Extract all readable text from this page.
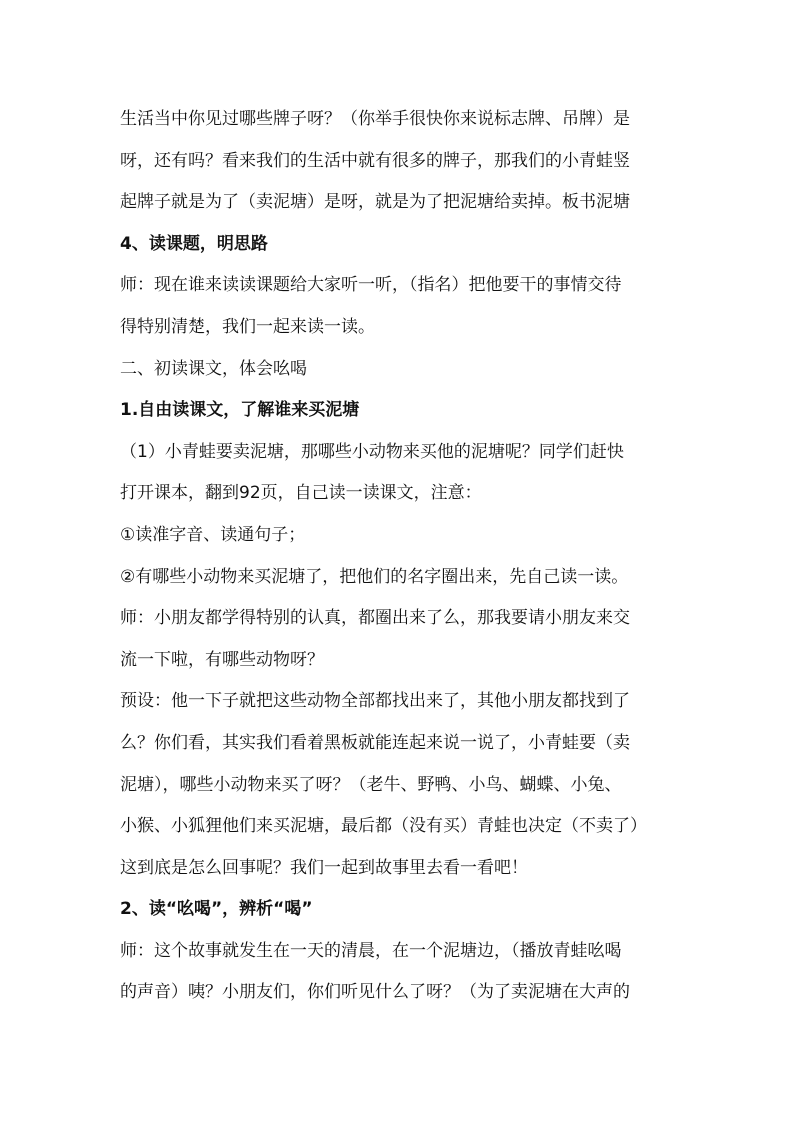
生活当中你见过哪些牌子呀？（你举手很快你来说标志牌、吊牌）是
呀，还有吗？看来我们的生活中就有很多的牌子，那我们的小青蛙竖
起牌子就是为了（卖泥塘）是呀，就是为了把泥塘给卖掉。板书泥塘
4、读课题，明思路
师：现在谁来读读课题给大家听一听，（指名）把他要干的事情交待
得特别清楚，我们一起来读一读。
二、初读课文，体会吆喝
1.自由读课文，了解谁来买泥塘
（1）小青蛙要卖泥塘，那哪些小动物来买他的泥塘呢？同学们赶快
打开课本，翻到92页，自己读一读课文，注意：
①读准字音、读通句子；
②有哪些小动物来买泥塘了，把他们的名字圈出来，先自己读一读。
师：小朋友都学得特别的认真，都圈出来了么，那我要请小朋友来交
流一下啦，有哪些动物呀？
预设：他一下子就把这些动物全部都找出来了，其他小朋友都找到了
么？你们看，其实我们看着黑板就能连起来说一说了，小青蛙要（卖
泥塘），哪些小动物来买了呀？（老牛、野鸭、小鸟、蝴蝶、小兔、
小猴、小狐狸他们来买泥塘，最后都（没有买）青蛙也决定（不卖了）
这到底是怎么回事呢？我们一起到故事里去看一看吧！
2、读“吆喝”，辨析“喝”
师：这个故事就发生在一天的清晨，在一个泥塘边，（播放青蛙吆喝
的声音）咦？小朋友们，你们听见什么了呀？（为了卖泥塘在大声的
